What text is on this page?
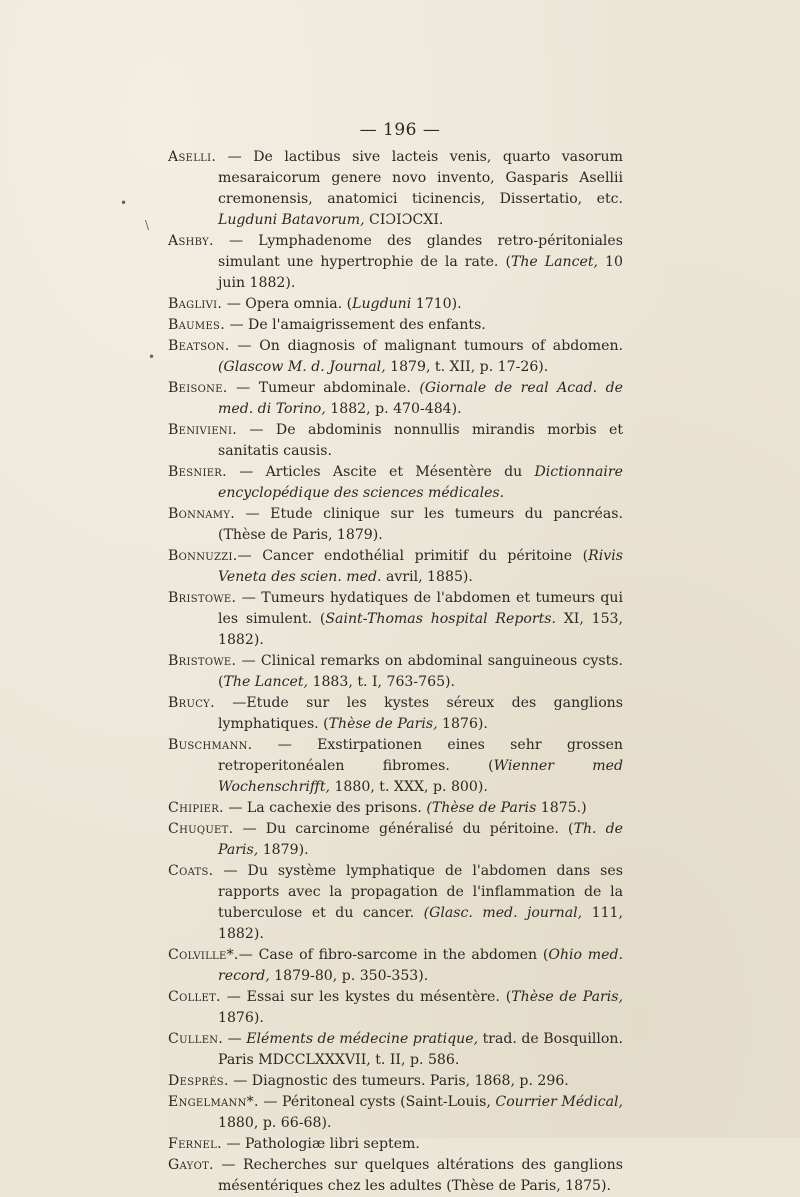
— 196 —
\
•
•

Aselli. — De lactibus sive lacteis venis, quarto vasorum mesaraicorum genere novo invento, Gasparis Asellii cremonensis, anatomici ticinencis, Dissertatio, etc. Lugduni Batavorum, CIƆIƆCXI.

Ashby. — Lymphadenome des glandes retro-péritoniales simulant une hypertrophie de la rate. (The Lancet, 10 juin 1882).

Baglivi. — Opera omnia. (Lugduni 1710).

Baumes. — De l'amaigrissement des enfants.

Beatson. — On diagnosis of malignant tumours of abdomen. (Glascow M. d. Journal, 1879, t. XII, p. 17-26).

Beisone. — Tumeur abdominale. (Giornale de real Acad. de med. di Torino, 1882, p. 470-484).

Benivieni. — De abdominis nonnullis mirandis morbis et sanitatis causis.

Besnier. — Articles Ascite et Mésentère du Dictionnaire encyclopédique des sciences médicales.

Bonnamy. — Etude clinique sur les tumeurs du pancréas. (Thèse de Paris, 1879).

Bonnuzzi.— Cancer endothélial primitif du péritoine (Rivis Veneta des scien. med. avril, 1885).

Bristowe. — Tumeurs hydatiques de l'abdomen et tumeurs qui les simulent. (Saint-Thomas hospital Reports. XI, 153, 1882).

Bristowe. — Clinical remarks on abdominal sanguineous cysts. (The Lancet, 1883, t. I, 763-765).

Brucy. —Etude sur les kystes séreux des ganglions lymphatiques. (Thèse de Paris, 1876).

Buschmann. — Exstirpationen eines sehr grossen retroperitonéalen fibromes. (Wienner med Wochenschrifft, 1880, t. XXX, p. 800).

Chipier. — La cachexie des prisons. (Thèse de Paris 1875.)

Chuquet. — Du carcinome généralisé du péritoine. (Th. de Paris, 1879).

Coats. — Du système lymphatique de l'abdomen dans ses rapports avec la propagation de l'inflammation de la tuberculose et du cancer. (Glasc. med. journal, 111, 1882).

Colville*.— Case of fibro-sarcome in the abdomen (Ohio med. record, 1879-80, p. 350-353).

Collet. — Essai sur les kystes du mésentère. (Thèse de Paris, 1876).

Cullen. — Eléments de médecine pratique, trad. de Bosquillon. Paris MDCCLXXXVII, t. II, p. 586.

Després. — Diagnostic des tumeurs. Paris, 1868, p. 296.

Engelmann*. — Péritoneal cysts (Saint-Louis, Courrier Médical, 1880, p. 66-68).

Fernel. — Pathologiæ libri septem.

Gayot. — Recherches sur quelques altérations des ganglions mésentériques chez les adultes (Thèse de Paris, 1875).
